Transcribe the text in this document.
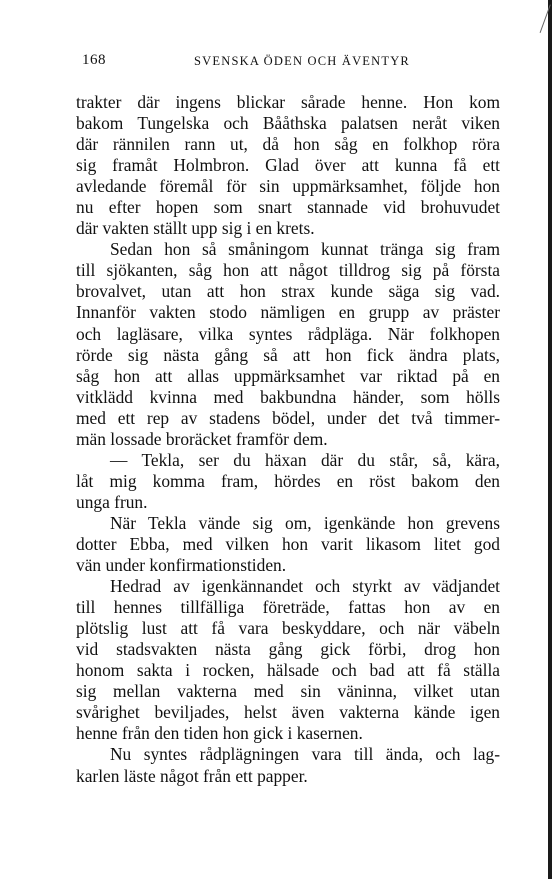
168	SVENSKA ÖDEN OCH ÄVENTYR
trakter där ingens blickar sårade henne. Hon kom
bakom Tungelska och Bååthska palatsen neråt viken
där rännilen rann ut, då hon såg en folkhop röra
sig framåt Holmbron. Glad över att kunna få ett
avledande föremål för sin uppmärksamhet, följde hon
nu efter hopen som snart stannade vid brohuvudet
där vakten ställt upp sig i en krets.
Sedan hon så småningom kunnat tränga sig fram
till sjökanten, såg hon att något tilldrog sig på första
brovalvet, utan att hon strax kunde säga sig vad.
Innanför vakten stodo nämligen en grupp av präster
och lagläsare, vilka syntes rådpläga. När folkhopen
rörde sig nästa gång så att hon fick ändra plats,
såg hon att allas uppmärksamhet var riktad på en
vitklädd kvinna med bakbundna händer, som hölls
med ett rep av stadens bödel, under det två timmer-
män lossade broräcket framför dem.
— Tekla, ser du häxan där du står, så, kära,
låt mig komma fram, hördes en röst bakom den
unga frun.
När Tekla vände sig om, igenkände hon grevens
dotter Ebba, med vilken hon varit likasom litet god
vän under konfirmationstiden.
Hedrad av igenkännandet och styrkt av vädjandet
till hennes tillfälliga företräde, fattas hon av en
plötslig lust att få vara beskyddare, och när väbeln
vid stadsvakten nästa gång gick förbi, drog hon
honom sakta i rocken, hälsade och bad att få ställa
sig mellan vakterna med sin väninna, vilket utan
svårighet beviljades, helst även vakterna kände igen
henne från den tiden hon gick i kasernen.
Nu syntes rådplägningen vara till ända, och lag-
karlen läste något från ett papper.
